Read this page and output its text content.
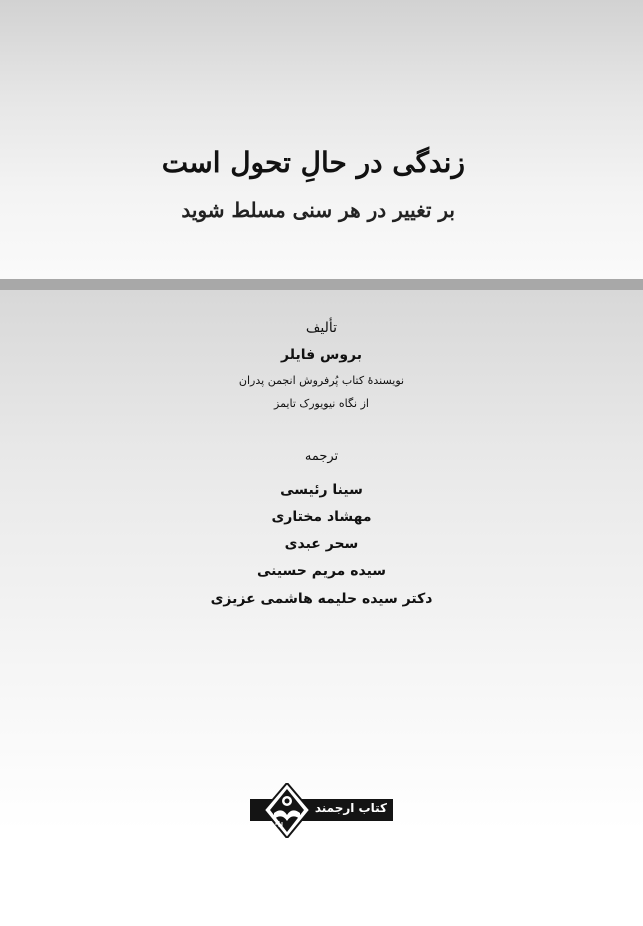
زندگی در حالِ تحول است
بر تغییر در هر سنی مسلط شوید
تألیف
بروس فایلر
نویسندهٔ کتاب پُرفروش انجمن پدران
از نگاه نیویورک تایمز
ترجمه
سینا رئیسی
مهشاد مختاری
سحر عبدی
سیده مریم حسینی
دکتر سیده حلیمه هاشمی عزیزی
کتاب ارجمند
